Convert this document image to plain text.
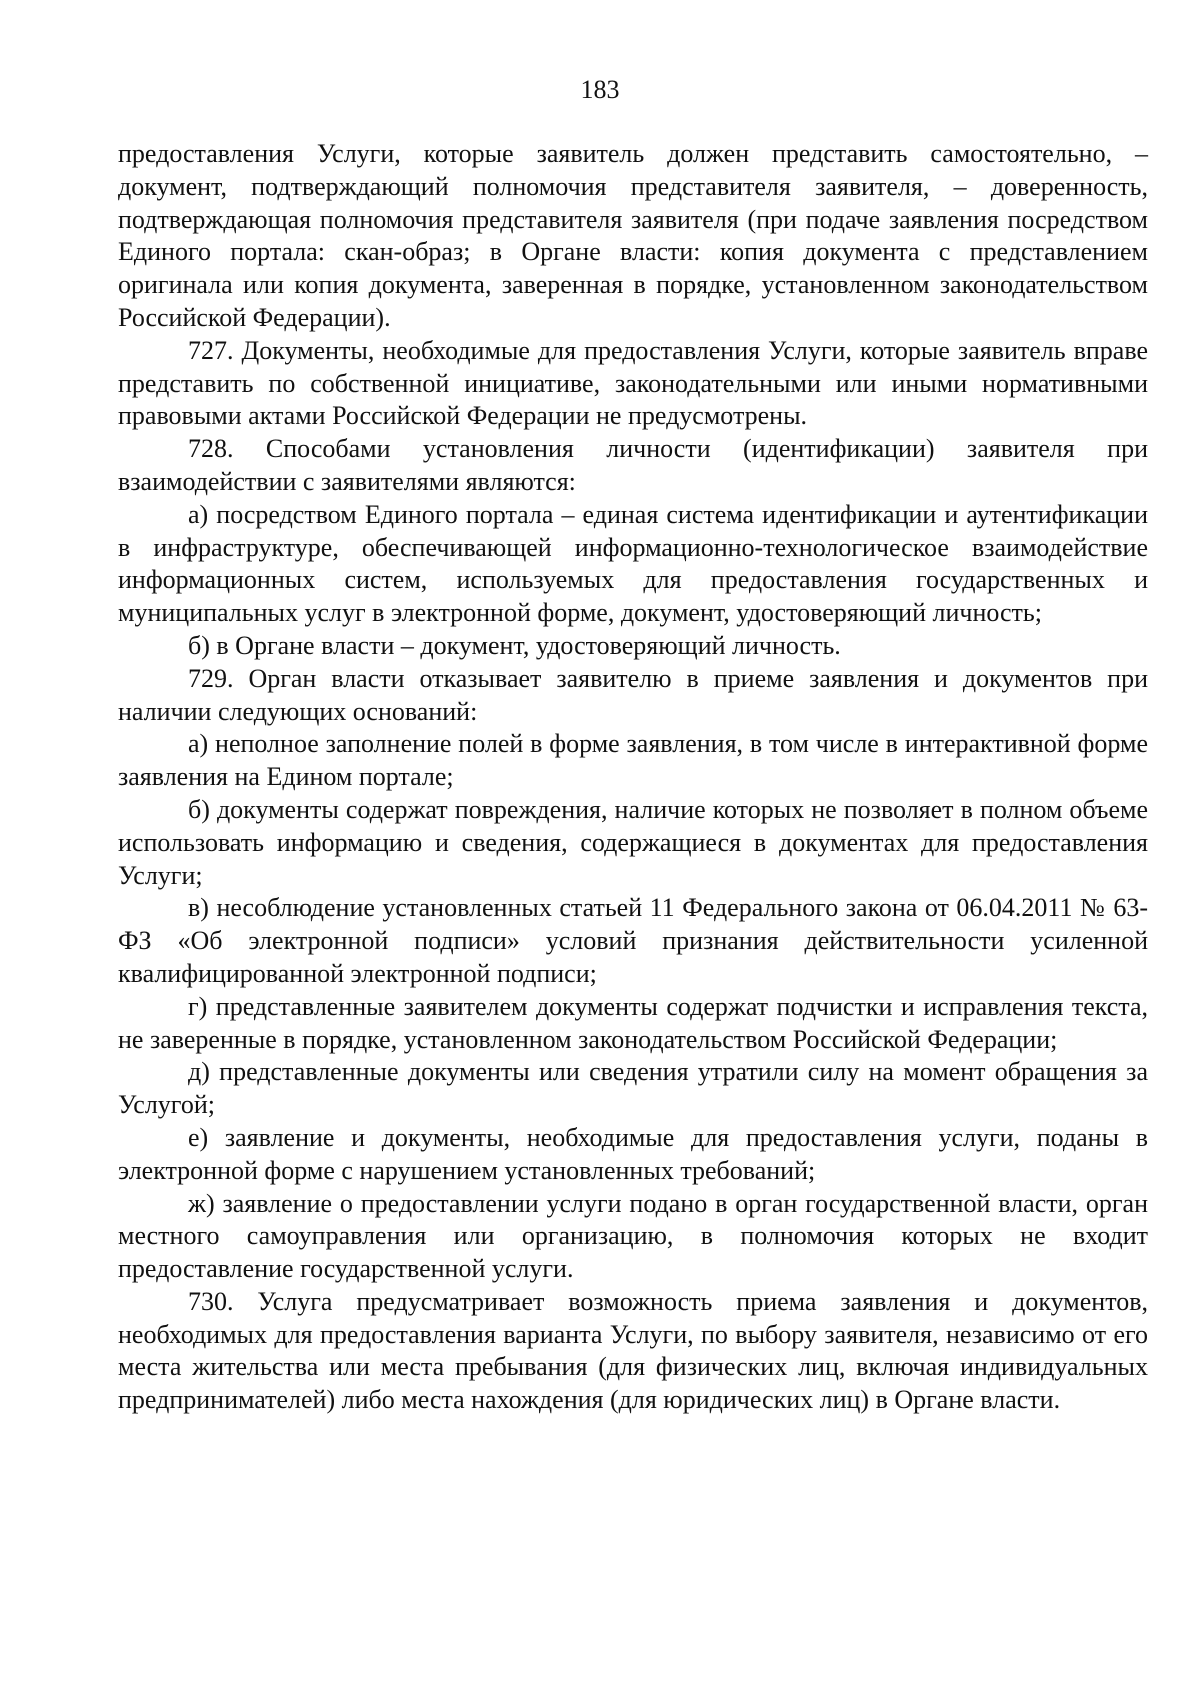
183

предоставления Услуги, которые заявитель должен представить самостоятельно, – документ, подтверждающий полномочия представителя заявителя, – доверенность, подтверждающая полномочия представителя заявителя (при подаче заявления посредством Единого портала: скан-образ; в Органе власти: копия документа с представлением оригинала или копия документа, заверенная в порядке, установленном законодательством Российской Федерации).

727. Документы, необходимые для предоставления Услуги, которые заявитель вправе представить по собственной инициативе, законодательными или иными нормативными правовыми актами Российской Федерации не предусмотрены.

728. Способами установления личности (идентификации) заявителя при взаимодействии с заявителями являются:

а) посредством Единого портала – единая система идентификации и аутентификации в инфраструктуре, обеспечивающей информационно-технологическое взаимодействие информационных систем, используемых для предоставления государственных и муниципальных услуг в электронной форме, документ, удостоверяющий личность;

б) в Органе власти – документ, удостоверяющий личность.

729. Орган власти отказывает заявителю в приеме заявления и документов при наличии следующих оснований:

а) неполное заполнение полей в форме заявления, в том числе в интерактивной форме заявления на Едином портале;

б) документы содержат повреждения, наличие которых не позволяет в полном объеме использовать информацию и сведения, содержащиеся в документах для предоставления Услуги;

в) несоблюдение установленных статьей 11 Федерального закона от 06.04.2011 № 63-ФЗ «Об электронной подписи» условий признания действительности усиленной квалифицированной электронной подписи;

г) представленные заявителем документы содержат подчистки и исправления текста, не заверенные в порядке, установленном законодательством Российской Федерации;

д) представленные документы или сведения утратили силу на момент обращения за Услугой;

е) заявление и документы, необходимые для предоставления услуги, поданы в электронной форме с нарушением установленных требований;

ж) заявление о предоставлении услуги подано в орган государственной власти, орган местного самоуправления или организацию, в полномочия которых не входит предоставление государственной услуги.

730. Услуга предусматривает возможность приема заявления и документов, необходимых для предоставления варианта Услуги, по выбору заявителя, независимо от его места жительства или места пребывания (для физических лиц, включая индивидуальных предпринимателей) либо места нахождения (для юридических лиц) в Органе власти.
